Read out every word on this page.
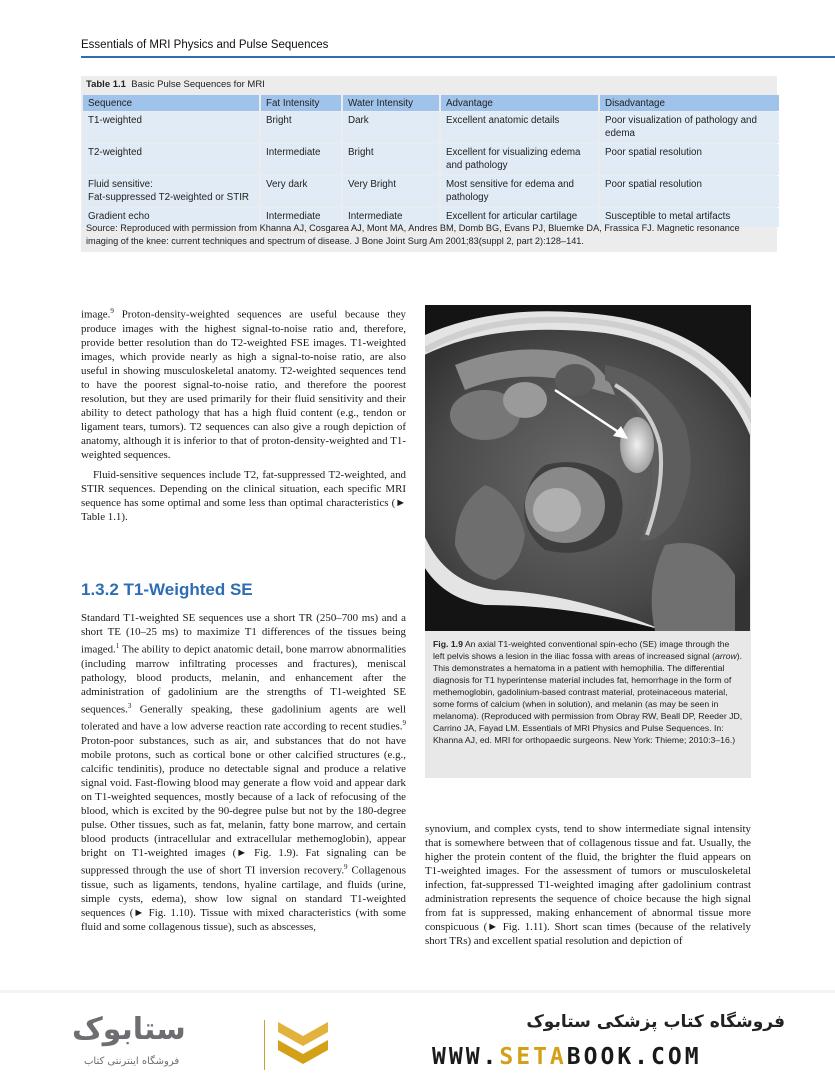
Essentials of MRI Physics and Pulse Sequences
Table 1.1 Basic Pulse Sequences for MRI
Sequence	Fat Intensity	Water Intensity	Advantage	Disadvantage
T1-weighted	Bright	Dark	Excellent anatomic details	Poor visualization of pathology and edema
T2-weighted	Intermediate	Bright	Excellent for visualizing edema and pathology	Poor spatial resolution
Fluid sensitive:
Fat-suppressed T2-weighted or STIR	Very dark	Very Bright	Most sensitive for edema and pathology	Poor spatial resolution
Gradient echo	Intermediate	Intermediate	Excellent for articular cartilage	Susceptible to metal artifacts
Source: Reproduced with permission from Khanna AJ, Cosgarea AJ, Mont MA, Andres BM, Domb BG, Evans PJ, Bluemke DA, Frassica FJ. Magnetic resonance imaging of the knee: current techniques and spectrum of disease. J Bone Joint Surg Am 2001;83(suppl 2, part 2):128–141.

image.$^9$ Proton-density-weighted sequences are useful because they produce images with the highest signal-to-noise ratio and, therefore, provide better resolution than do T2-weighted FSE images. T1-weighted images, which provide nearly as high a signal-to-noise ratio, are also useful in showing musculoskeletal anatomy. T2-weighted sequences tend to have the poorest signal-to-noise ratio, and therefore the poorest resolution, but they are used primarily for their fluid sensitivity and their ability to detect pathology that has a high fluid content (e.g., tendon or ligament tears, tumors). T2 sequences can also give a rough depiction of anatomy, although it is inferior to that of proton-density-weighted and T1-weighted sequences.

Fluid-sensitive sequences include T2, fat-suppressed T2-weighted, and STIR sequences. Depending on the clinical situation, each specific MRI sequence has some optimal and some less than optimal characteristics (► Table 1.1).

1.3.2 T1-Weighted SE

Standard T1-weighted SE sequences use a short TR (250–700 ms) and a short TE (10–25 ms) to maximize T1 differences of the tissues being imaged.$^1$ The ability to depict anatomic detail, bone marrow abnormalities (including marrow infiltrating processes and fractures), meniscal pathology, blood products, melanin, and enhancement after the administration of gadolinium are the strengths of T1-weighted SE sequences.$^3$ Generally speaking, these gadolinium agents are well tolerated and have a low adverse reaction rate according to recent studies.$^9$ Proton-poor substances, such as air, and substances that do not have mobile protons, such as cortical bone or other calcified structures (e.g., calcific tendinitis), produce no detectable signal and produce a relative signal void. Fast-flowing blood may generate a flow void and appear dark on T1-weighted sequences, mostly because of a lack of refocusing of the blood, which is excited by the 90-degree pulse but not by the 180-degree pulse. Other tissues, such as fat, melanin, fatty bone marrow, and certain blood products (intracellular and extracellular methemoglobin), appear bright on T1-weighted images (► Fig. 1.9). Fat signaling can be suppressed through the use of short TI inversion recovery.$^9$ Collagenous tissue, such as ligaments, tendons, hyaline cartilage, and fluids (urine, simple cysts, edema), show low signal on standard T1-weighted sequences (► Fig. 1.10). Tissue with mixed characteristics (with some fluid and some collagenous tissue), such as abscesses,

Fig. 1.9 An axial T1-weighted conventional spin-echo (SE) image through the left pelvis shows a lesion in the iliac fossa with areas of increased signal (arrow). This demonstrates a hematoma in a patient with hemophilia. The differential diagnosis for T1 hyperintense material includes fat, hemorrhage in the form of methemoglobin, gadolinium-based contrast material, proteinaceous material, some forms of calcium (when in solution), and melanin (as may be seen in melanoma). (Reproduced with permission from Obray RW, Beall DP, Reeder JD, Carrino JA, Fayad LM. Essentials of MRI Physics and Pulse Sequences. In: Khanna AJ, ed. MRI for orthopaedic surgeons. New York: Thieme; 2010:3–16.)
synovium, and complex cysts, tend to show intermediate signal intensity that is somewhere between that of collagenous tissue and fat. Usually, the higher the protein content of the fluid, the brighter the fluid appears on T1-weighted images. For the assessment of tumors or musculoskeletal infection, fat-suppressed T1-weighted imaging after gadolinium contrast administration represents the sequence of choice because the high signal from fat is suppressed, making enhancement of abnormal tissue more conspicuous (► Fig. 1.11). Short scan times (because of the relatively short TRs) and excellent spatial resolution and depiction of
ستابوک
فروشگاه اینترنتی کتاب
فروشگاه کتاب پزشکی ستابوک
WWW.SETABOOK.COM
